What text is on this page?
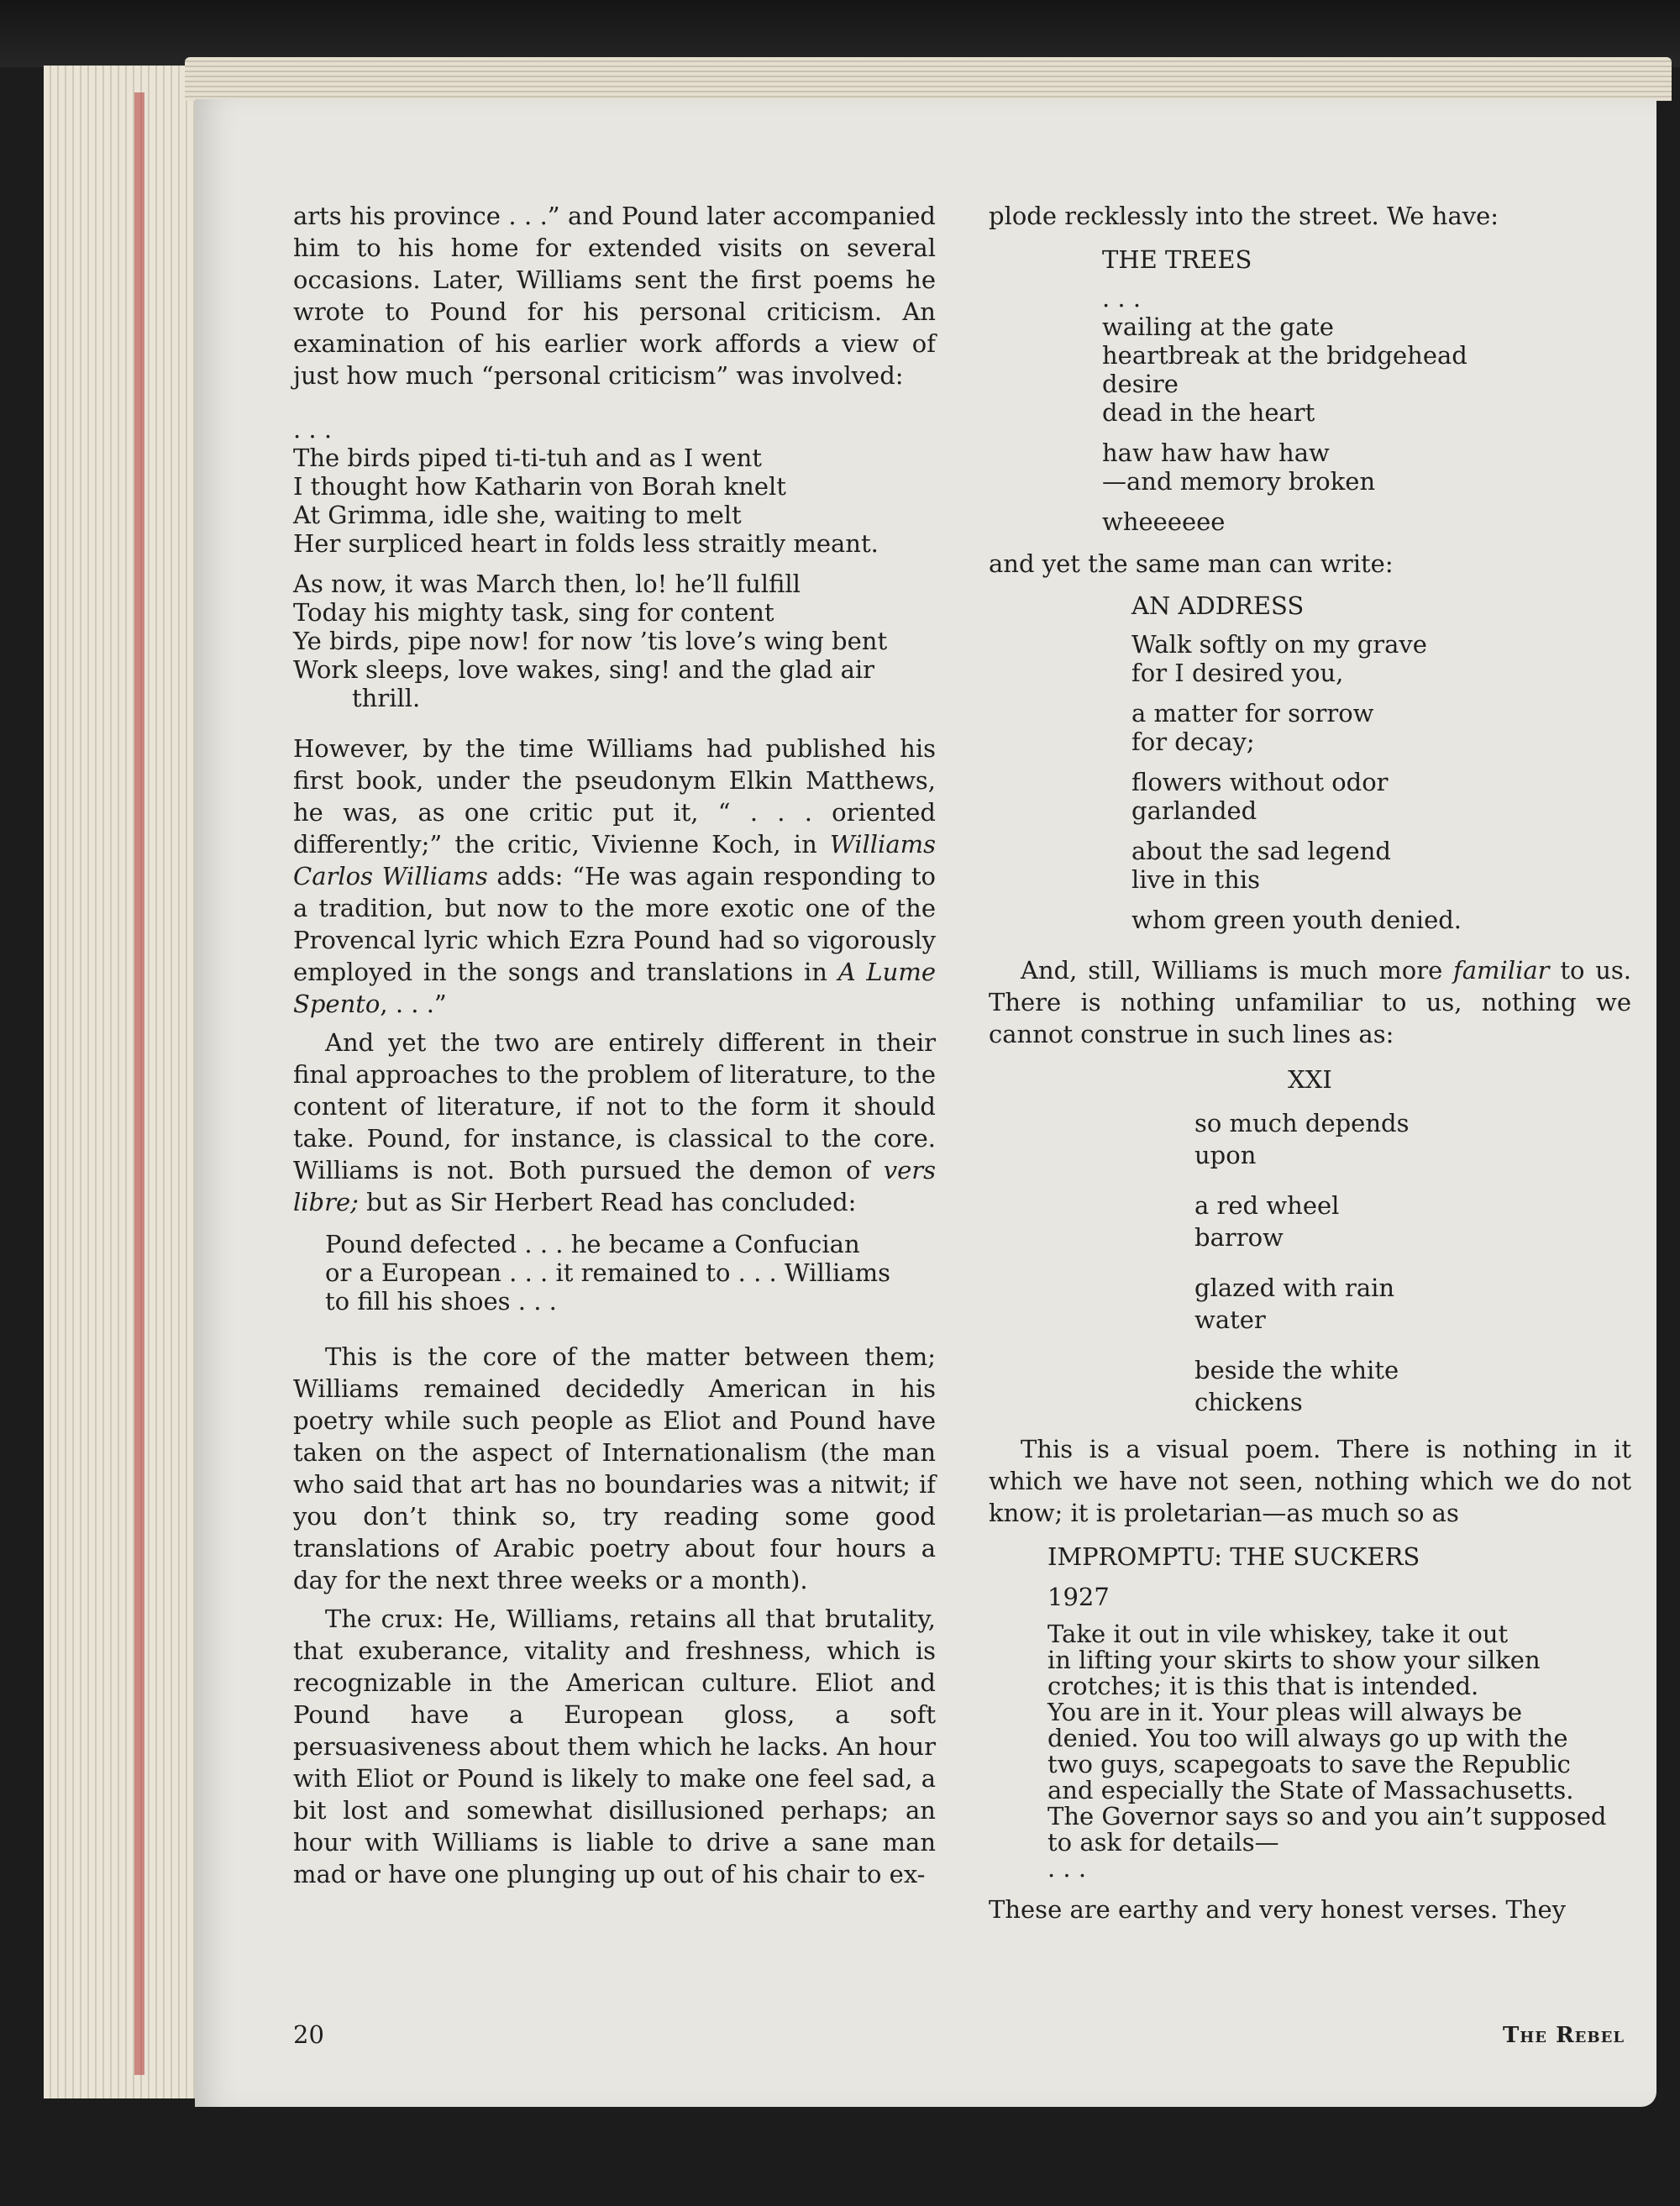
arts his province . . .” and Pound later accompanied him to his home for extended visits on several occasions. Later, Williams sent the first poems he wrote to Pound for his personal criticism. An examination of his earlier work affords a view of just how much “personal criticism” was involved:

. . .
The birds piped ti-ti-tuh and as I went
I thought how Katharin von Borah knelt
At Grimma, idle she, waiting to melt
Her surpliced heart in folds less straitly meant.
As now, it was March then, lo! he’ll fulfill
Today his mighty task, sing for content
Ye birds, pipe now! for now ’tis love’s wing bent
Work sleeps, love wakes, sing! and the glad air
thrill.

However, by the time Williams had published his first book, under the pseudonym Elkin Matthews, he was, as one critic put it, “ . . . oriented differently;” the critic, Vivienne Koch, in Williams Carlos Williams adds: “He was again responding to a tradition, but now to the more exotic one of the Provencal lyric which Ezra Pound had so vigorously employed in the songs and translations in A Lume Spento, . . .”

And yet the two are entirely different in their final approaches to the problem of literature, to the content of literature, if not to the form it should take. Pound, for instance, is classical to the core. Williams is not. Both pursued the demon of vers libre; but as Sir Herbert Read has concluded:

Pound defected . . . he became a Confucian
or a European . . . it remained to . . . Williams
to fill his shoes . . .

This is the core of the matter between them; Williams remained decidedly American in his poetry while such people as Eliot and Pound have taken on the aspect of Internationalism (the man who said that art has no boundaries was a nitwit; if you don’t think so, try reading some good translations of Arabic poetry about four hours a day for the next three weeks or a month).

The crux: He, Williams, retains all that brutality, that exuberance, vitality and freshness, which is recognizable in the American culture. Eliot and Pound have a European gloss, a soft persuasiveness about them which he lacks. An hour with Eliot or Pound is likely to make one feel sad, a bit lost and somewhat disillusioned perhaps; an hour with Williams is liable to drive a sane man mad or have one plunging up out of his chair to ex-

plode recklessly into the street. We have:

THE TREES
. . .
wailing at the gate
heartbreak at the bridgehead
desire
dead in the heart
haw haw haw haw
—and memory broken
wheeeeee

and yet the same man can write:

AN ADDRESS
Walk softly on my grave
for I desired you,
a matter for sorrow
for decay;
flowers without odor
garlanded
about the sad legend
live in this
whom green youth denied.

And, still, Williams is much more familiar to us. There is nothing unfamiliar to us, nothing we cannot construe in such lines as:

XXI
so much depends
upon
a red wheel
barrow
glazed with rain
water
beside the white
chickens

This is a visual poem. There is nothing in it which we have not seen, nothing which we do not know; it is proletarian—as much so as

IMPROMPTU: THE SUCKERS
1927
Take it out in vile whiskey, take it out
in lifting your skirts to show your silken
crotches; it is this that is intended.
You are in it. Your pleas will always be
denied. You too will always go up with the
two guys, scapegoats to save the Republic
and especially the State of Massachusetts.
The Governor says so and you ain’t supposed
to ask for details—
. . .

These are earthy and very honest verses. They

20	The Rebel
